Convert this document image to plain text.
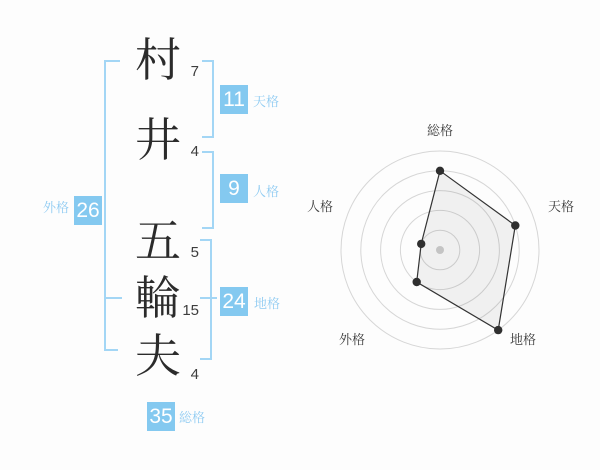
村
井
五
輪
夫
7
4
5
15
4
11
9
24
26
35
天格
人格
地格
外格
総格
総格
天格
地格
外格
人格
